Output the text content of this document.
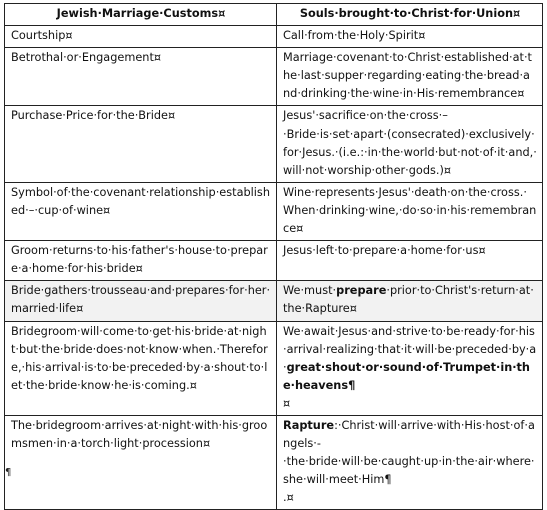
Jewish·Marriage·Customs¤	Souls·brought·to·Christ·for·Union¤
Courtship¤	Call·from·the·Holy·Spirit¤
Betrothal·or·Engagement¤	Marriage·covenant·to·Christ·established·at·the·last·supper·regarding·eating·the·bread·and·drinking·the·wine·in·His·remembrance¤
Purchase·Price·for·the·Bride¤	Jesus'·sacrifice·on·the·cross·–·Bride·is·set·apart·(consecrated)·exclusively·for·Jesus.·(i.e.:·in·the·world·but·not·of·it·and,·will·not·worship·other·gods.)¤
Symbol·of·the·covenant·relationship·established·–·cup·of·wine¤	Wine·represents·Jesus'·death·on·the·cross.·When·drinking·wine,·do·so·in·his·remembrance¤
Groom·returns·to·his·father's·house·to·prepare·a·home·for·his·bride¤	Jesus·left·to·prepare·a·home·for·us¤
Bride·gathers·trousseau·and·prepares·for·her·married·life¤	We·must·prepare·prior·to·Christ's·return·at·the·Rapture¤
Bridegroom·will·come·to·get·his·bride·at·night·but·the·bride·does·not·know·when.·Therefore,·his·arrival·is·to·be·preceded·by·a·shout·to·let·the·bride·know·he·is·coming.¤	We·await·Jesus·and·strive·to·be·ready·for·his·arrival·realizing·that·it·will·be·preceded·by·a·great·shout·or·sound·of·Trumpet·in·the·heavens¶
¤
The·bridegroom·arrives·at·night·with·his·groomsmen·in·a·torch·light·procession¤	Rapture:·Christ·will·arrive·with·His·host·of·angels·-·the·bride·will·be·caught·up·in·the·air·where·she·will·meet·Him¶
.¤
¶
